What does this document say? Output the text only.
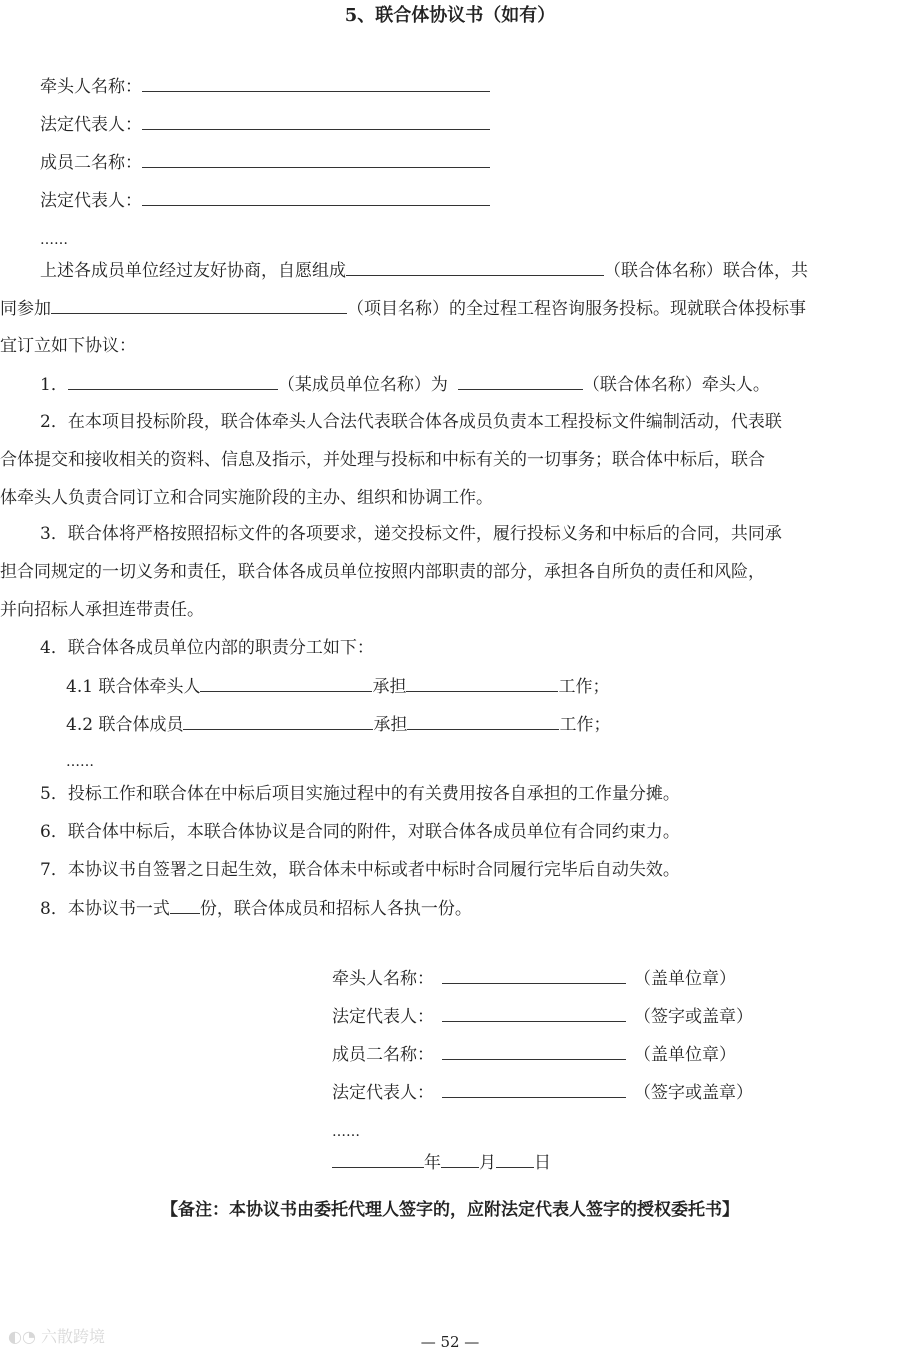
5、联合体协议书（如有）
牵头人名称：
法定代表人：
成员二名称：
法定代表人：
……
上述各成员单位经过友好协商，自愿组成	（联合体名称）联合体，共
同参加	（项目名称）的全过程工程咨询服务投标。现就联合体投标事
宜订立如下协议：
1．	（某成员单位名称）为	（联合体名称）牵头人。
2．在本项目投标阶段，联合体牵头人合法代表联合体各成员负责本工程投标文件编制活动，代表联
合体提交和接收相关的资料、信息及指示，并处理与投标和中标有关的一切事务；联合体中标后，联合
体牵头人负责合同订立和合同实施阶段的主办、组织和协调工作。
3．联合体将严格按照招标文件的各项要求，递交投标文件，履行投标义务和中标后的合同，共同承
担合同规定的一切义务和责任，联合体各成员单位按照内部职责的部分，承担各自所负的责任和风险，
并向招标人承担连带责任。
4．联合体各成员单位内部的职责分工如下：
4.1 联合体牵头人	承担	工作；
4.2 联合体成员	承担	工作；
……
5．投标工作和联合体在中标后项目实施过程中的有关费用按各自承担的工作量分摊。
6．联合体中标后，本联合体协议是合同的附件，对联合体各成员单位有合同约束力。
7．本协议书自签署之日起生效，联合体未中标或者中标时合同履行完毕后自动失效。
8．本协议书一式 份，联合体成员和招标人各执一份。
牵头人名称：	（盖单位章）
法定代表人：	（签字或盖章）
成员二名称：	（盖单位章）
法定代表人：	（签字或盖章）
……
年 月 日
【备注：本协议书由委托代理人签字的，应附法定代表人签字的授权委托书】
◐◔ 六散跨境	— 52 —
